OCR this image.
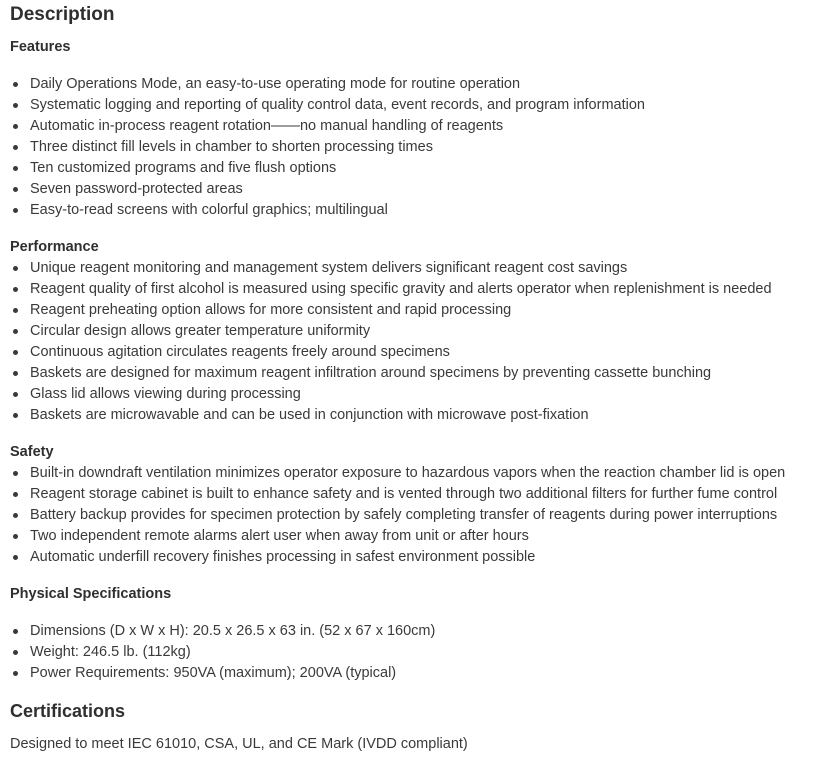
Description
Features
Daily Operations Mode, an easy-to-use operating mode for routine operation
Systematic logging and reporting of quality control data, event records, and program information
Automatic in-process reagent rotation——no manual handling of reagents
Three distinct fill levels in chamber to shorten processing times
Ten customized programs and five flush options
Seven password-protected areas
Easy-to-read screens with colorful graphics; multilingual
Performance
Unique reagent monitoring and management system delivers significant reagent cost savings
Reagent quality of first alcohol is measured using specific gravity and alerts operator when replenishment is needed
Reagent preheating option allows for more consistent and rapid processing
Circular design allows greater temperature uniformity
Continuous agitation circulates reagents freely around specimens
Baskets are designed for maximum reagent infiltration around specimens by preventing cassette bunching
Glass lid allows viewing during processing
Baskets are microwavable and can be used in conjunction with microwave post-fixation
Safety
Built-in downdraft ventilation minimizes operator exposure to hazardous vapors when the reaction chamber lid is open
Reagent storage cabinet is built to enhance safety and is vented through two additional filters for further fume control
Battery backup provides for specimen protection by safely completing transfer of reagents during power interruptions
Two independent remote alarms alert user when away from unit or after hours
Automatic underfill recovery finishes processing in safest environment possible
Physical Specifications
Dimensions (D x W x H): 20.5 x 26.5 x 63 in. (52 x 67 x 160cm)
Weight: 246.5 lb. (112kg)
Power Requirements: 950VA (maximum); 200VA (typical)
Certifications
Designed to meet IEC 61010, CSA, UL, and CE Mark (IVDD compliant)
